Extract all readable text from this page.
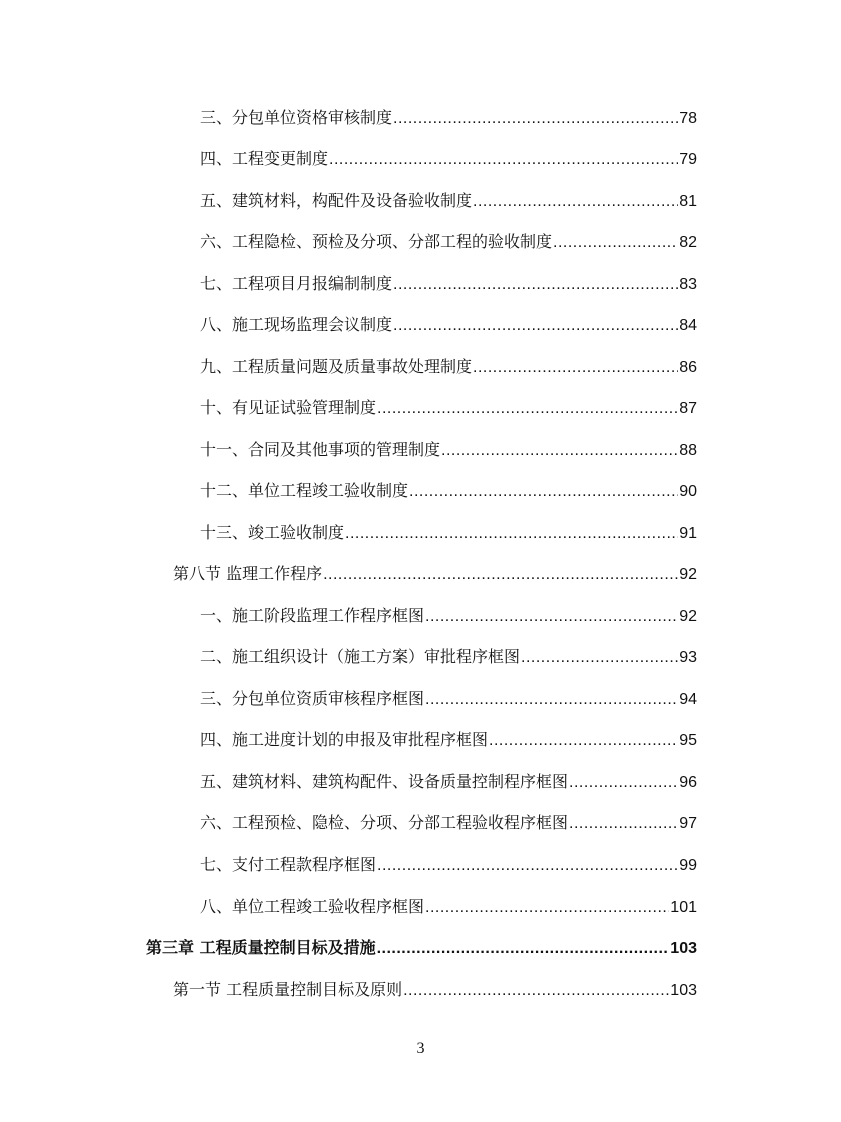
三、分包单位资格审核制度 .....	78
四、工程变更制度 .....	79
五、建筑材料，构配件及设备验收制度 .....	81
六、工程隐检、预检及分项、分部工程的验收制度 .....	82
七、工程项目月报编制制度 .....	83
八、施工现场监理会议制度 .....	84
九、工程质量问题及质量事故处理制度 .....	86
十、有见证试验管理制度 .....	87
十一、合同及其他事项的管理制度 .....	88
十二、单位工程竣工验收制度 .....	90
十三、竣工验收制度 .....	91
第八节 监理工作程序 .....	92
一、施工阶段监理工作程序框图 .....	92
二、施工组织设计（施工方案）审批程序框图 .....	93
三、分包单位资质审核程序框图 .....	94
四、施工进度计划的申报及审批程序框图 .....	95
五、建筑材料、建筑构配件、设备质量控制程序框图 .....	96
六、工程预检、隐检、分项、分部工程验收程序框图 .....	97
七、支付工程款程序框图 .....	99
八、单位工程竣工验收程序框图 .....	101
第三章 工程质量控制目标及措施 .....	103
第一节 工程质量控制目标及原则 .....	103
3
